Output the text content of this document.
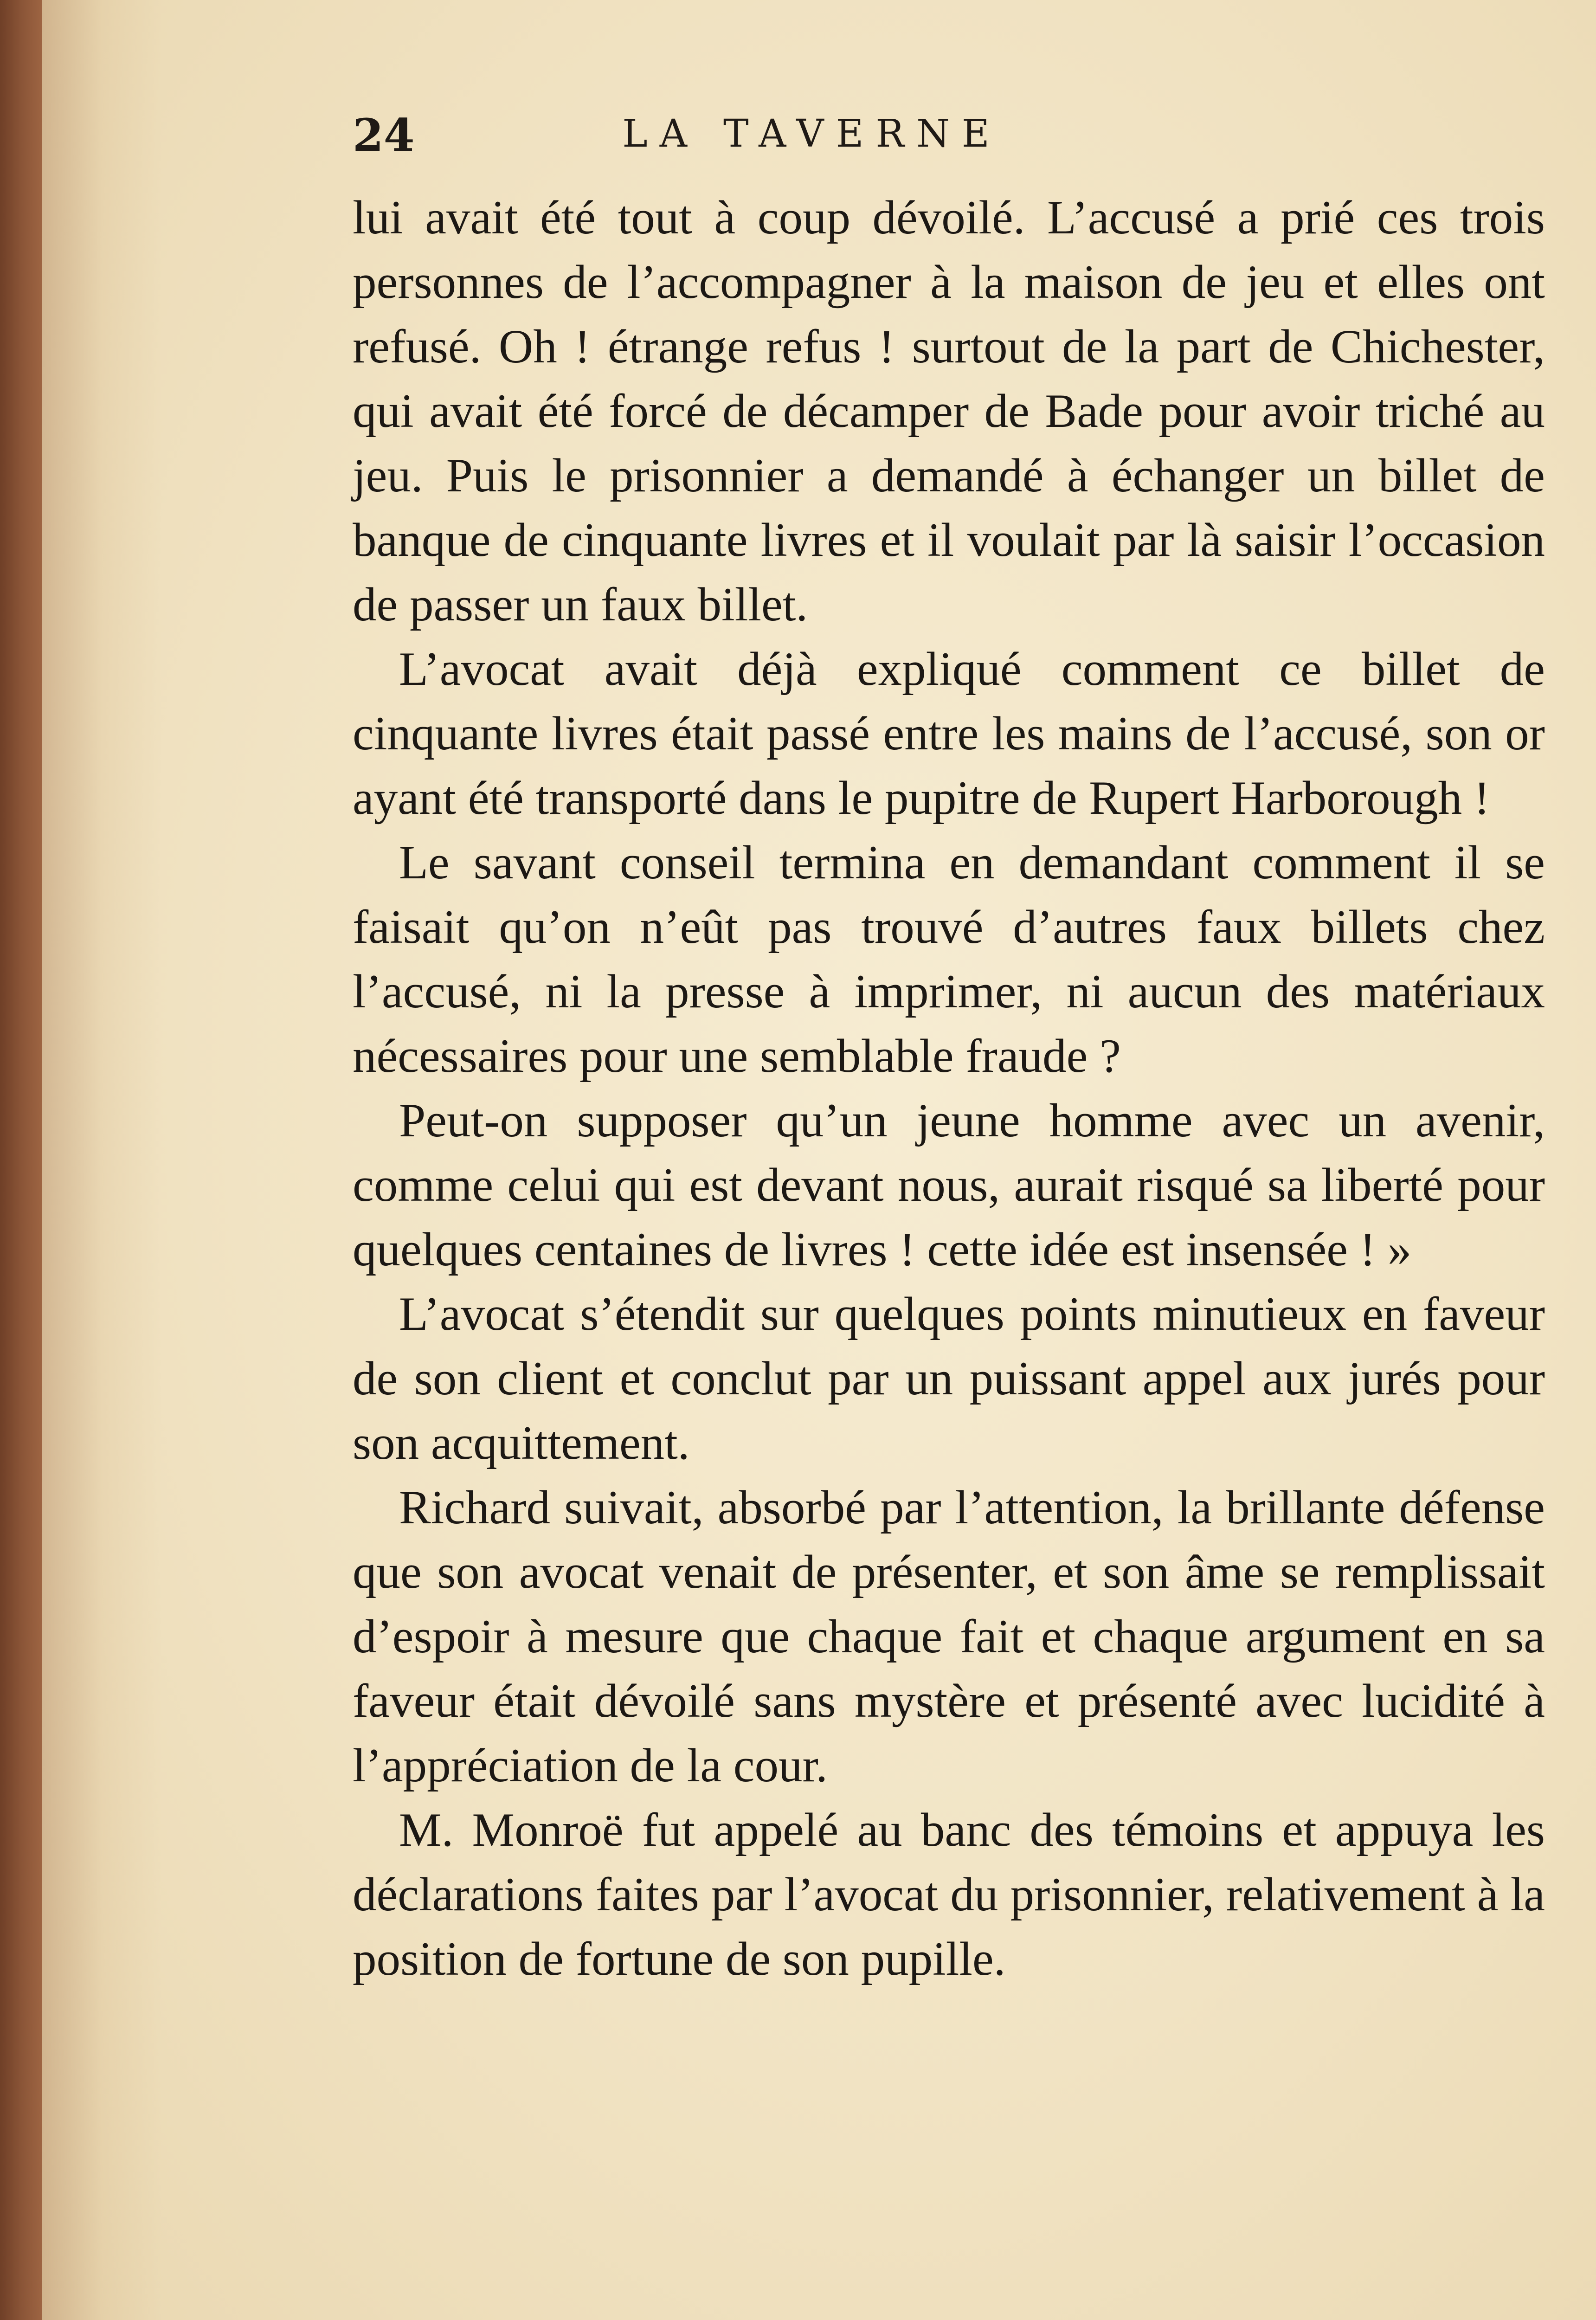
24	LA TAVERNE

lui avait été tout à coup dévoilé. L’accusé a prié ces trois personnes de l’accompagner à la maison de jeu et elles ont refusé. Oh ! étrange refus ! surtout de la part de Chichester, qui avait été forcé de décamper de Bade pour avoir triché au jeu. Puis le prisonnier a demandé à échanger un billet de banque de cinquante livres et il voulait par là saisir l’occasion de passer un faux billet.

L’avocat avait déjà expliqué comment ce billet de cinquante livres était passé entre les mains de l’accusé, son or ayant été transporté dans le pupitre de Rupert Harborough !

Le savant conseil termina en demandant comment il se faisait qu’on n’eût pas trouvé d’autres faux billets chez l’accusé, ni la presse à imprimer, ni aucun des matériaux nécessaires pour une semblable fraude ?

Peut-on supposer qu’un jeune homme avec un avenir, comme celui qui est devant nous, aurait risqué sa liberté pour quelques centaines de livres ! cette idée est insensée ! »

L’avocat s’étendit sur quelques points minutieux en faveur de son client et conclut par un puissant appel aux jurés pour son acquittement.

Richard suivait, absorbé par l’attention, la brillante défense que son avocat venait de présenter, et son âme se remplissait d’espoir à mesure que chaque fait et chaque argument en sa faveur était dévoilé sans mystère et présenté avec lucidité à l’appréciation de la cour.

M. Monroë fut appelé au banc des témoins et appuya les déclarations faites par l’avocat du prisonnier, relativement à la position de fortune de son pupille.
